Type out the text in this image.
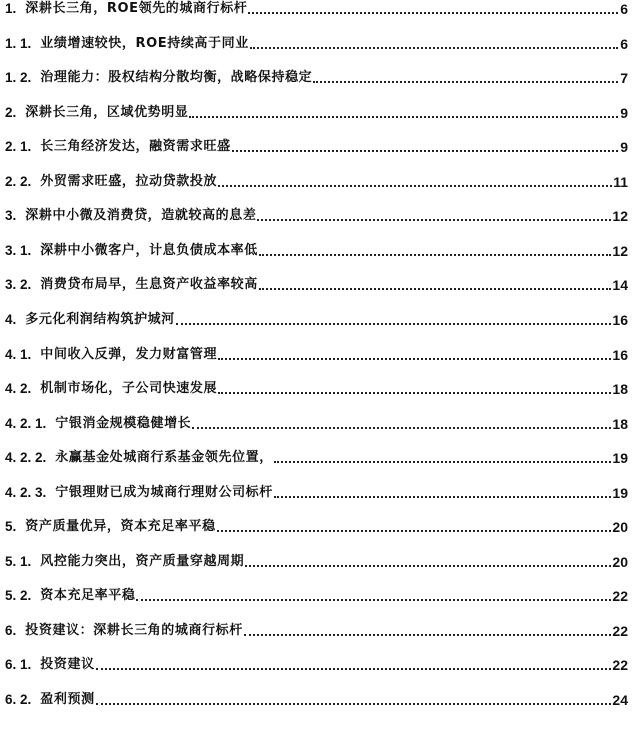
1. 深耕长三角，ROE领先的城商行标杆	6
1. 1. 业绩增速较快，ROE持续高于同业	6
1. 2. 治理能力：股权结构分散均衡，战略保持稳定	7
2. 深耕长三角，区域优势明显	9
2. 1. 长三角经济发达，融资需求旺盛	9
2. 2. 外贸需求旺盛，拉动贷款投放	11
3. 深耕中小微及消费贷，造就较高的息差	12
3. 1. 深耕中小微客户，计息负债成本率低	12
3. 2. 消费贷布局早，生息资产收益率较高	14
4. 多元化利润结构筑护城河	16
4. 1. 中间收入反弹，发力财富管理	16
4. 2. 机制市场化，子公司快速发展	18
4. 2. 1. 宁银消金规模稳健增长	18
4. 2. 2. 永赢基金处城商行系基金领先位置，	19
4. 2. 3. 宁银理财已成为城商行理财公司标杆	19
5. 资产质量优异，资本充足率平稳	20
5. 1. 风控能力突出，资产质量穿越周期	20
5. 2. 资本充足率平稳	22
6. 投资建议：深耕长三角的城商行标杆	22
6. 1. 投资建议	22
6. 2. 盈利预测	24
